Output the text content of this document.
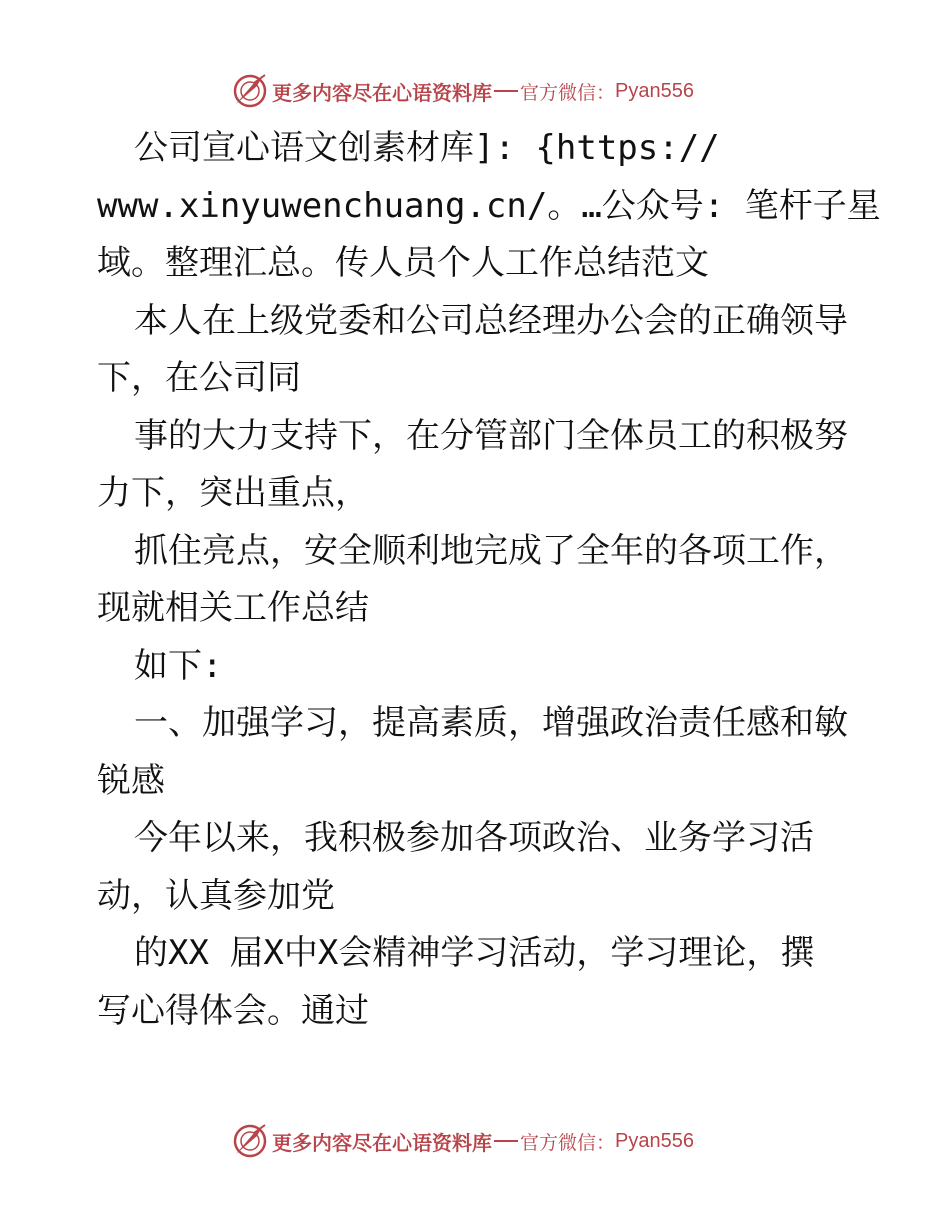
更多内容尽在心语资料库 官方微信： Pyan556
公司宣心语文创素材库]: {https://
www.xinyuwenchuang.cn/。…公众号: 笔杆子星
域。整理汇总。传人员个人工作总结范文
本人在上级党委和公司总经理办公会的正确领导
下，在公司同
事的大力支持下，在分管部门全体员工的积极努
力下，突出重点，
抓住亮点，安全顺利地完成了全年的各项工作，
现就相关工作总结
如下:
一、加强学习，提高素质，增强政治责任感和敏
锐感
今年以来，我积极参加各项政治、业务学习活
动，认真参加党
的XX 届X中X会精神学习活动，学习理论，撰
写心得体会。通过
更多内容尽在心语资料库 官方微信： Pyan556
